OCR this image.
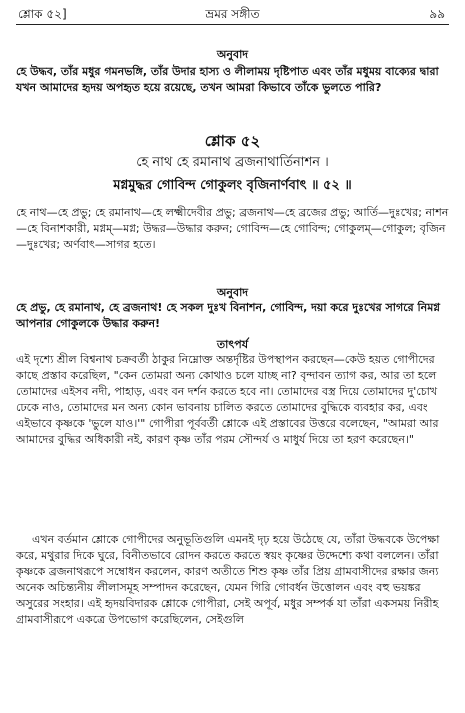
শ্লোক ৫২]	ভ্রমর সঙ্গীত	৯৯
অনুবাদ

হে উদ্ধব, তাঁর মধুর গমনভঙ্গি, তাঁর উদার হাস্য ও লীলাময় দৃষ্টিপাত এবং তাঁর মধুময় বাক্যের দ্বারা যখন আমাদের হৃদয় অপহৃত হয়ে রয়েছে, তখন আমরা কিভাবে তাঁকে ভুলতে পারি?

শ্লোক ৫২
হে নাথ হে রমানাথ ব্রজনাথার্তিনাশন ।
মগ্নমুদ্ধর গোবিন্দ গোকুলং বৃজিনার্ণবাৎ ॥ ৫২ ॥

হে নাথ—হে প্রভু; হে রমানাথ—হে লক্ষ্মীদেবীর প্রভু; ব্রজনাথ—হে ব্রজের প্রভু; আর্তি—দুঃখের; নাশন—হে বিনাশকারী, মগ্নম্—মগ্ন; উদ্ধর—উদ্ধার করুন; গোবিন্দ—হে গোবিন্দ; গোকুলম্—গোকুল; বৃজিন—দুঃখের; অর্ণবাৎ—সাগর হতে।

অনুবাদ

হে প্রভু, হে রমানাথ, হে ব্রজনাথ! হে সকল দুঃখ বিনাশন, গোবিন্দ, দয়া করে দুঃখের সাগরে নিমগ্ন আপনার গোকুলকে উদ্ধার করুন!

তাৎপর্য

এই দৃশ্যে শ্রীল বিশ্বনাথ চক্রবর্তী ঠাকুর নিম্নোক্ত অন্তর্দৃষ্টির উপস্থাপন করছেন—কেউ হয়ত গোপীদের কাছে প্রস্তাব করেছিল, "কেন তোমরা অন্য কোথাও চলে যাচ্ছ না? বৃন্দাবন ত্যাগ কর, আর তা হলে তোমাদের এইসব নদী, পাহাড়, এবং বন দর্শন করতে হবে না। তোমাদের বস্ত্র দিয়ে তোমাদের দু'চোখ ঢেকে নাও, তোমাদের মন অন্য কোন ভাবনায় চালিত করতে তোমাদের বুদ্ধিকে ব্যবহার কর, এবং এইভাবে কৃষ্ণকে 'ভুলে যাও।'" গোপীরা পূর্ববর্তী শ্লোকে এই প্রস্তাবের উত্তরে বলেছেন, "আমরা আর আমাদের বুদ্ধির অধিকারী নই, কারণ কৃষ্ণ তাঁর পরম সৌন্দর্য ও মাধুর্য দিয়ে তা হরণ করেছেন।"

এখন বর্তমান শ্লোকে গোপীদের অনুভূতিগুলি এমনই দৃঢ় হয়ে উঠেছে যে, তাঁরা উদ্ধবকে উপেক্ষা করে, মথুরার দিকে ঘুরে, বিনীতভাবে রোদন করতে করতে স্বয়ং কৃষ্ণের উদ্দেশ্যে কথা বললেন। তাঁরা কৃষ্ণকে ব্রজনাথরূপে সম্বোধন করলেন, কারণ অতীতে শিশু কৃষ্ণ তাঁর প্রিয় গ্রামবাসীদের রক্ষার জন্য অনেক অচিন্ত্যনীয় লীলাসমূহ সম্পাদন করেছেন, যেমন গিরি গোবর্ধন উত্তোলন এবং বহু ভয়ঙ্কর অসুরের সংহার। এই হৃদয়বিদারক শ্লোকে গোপীরা, সেই অপূর্ব, মধুর সম্পর্ক যা তাঁরা একসময় নিরীহ গ্রামবাসীরূপে একত্রে উপভোগ করেছিলেন, সেইগুলি
